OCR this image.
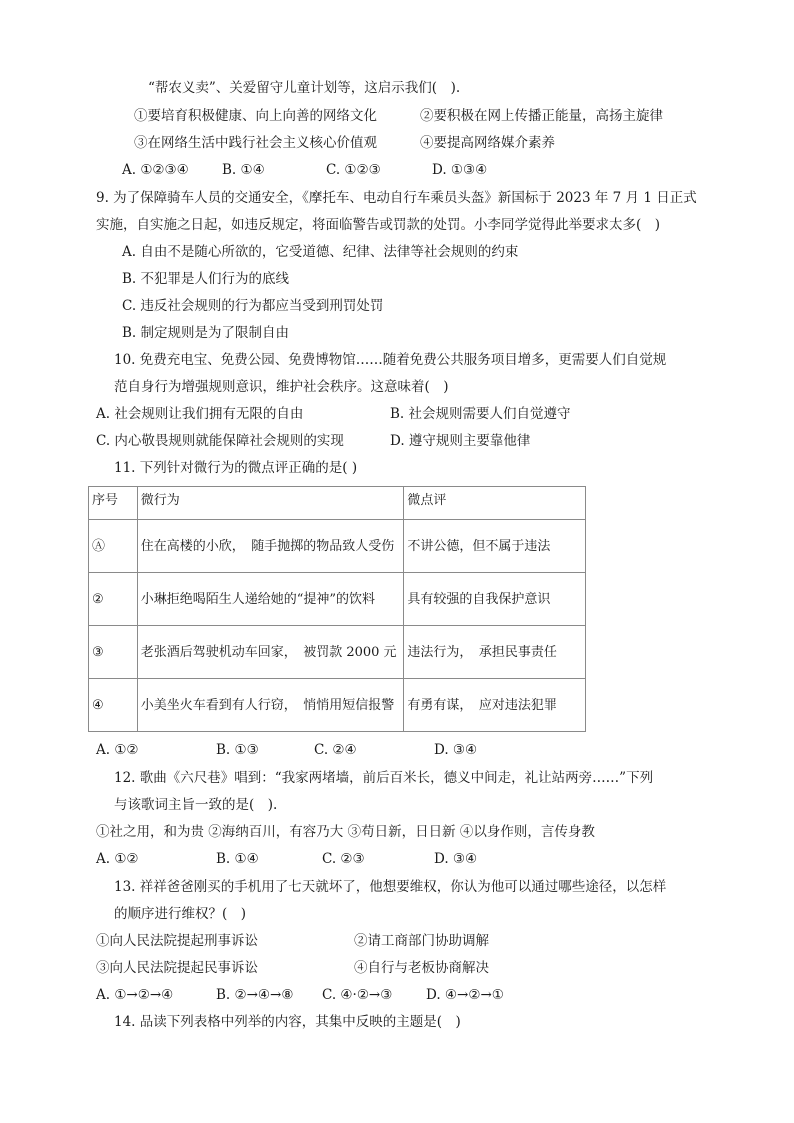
“帮农义卖”、关爱留守儿童计划等，这启示我们(　).
①要培育积极健康、向上向善的网络文化	②要积极在网上传播正能量，高扬主旋律
③在网络生活中践行社会主义核心价值观	④要提高网络媒介素养
A. ①②③④ B. ①④	C. ①②③	D. ①③④
9. 为了保障骑车人员的交通安全，《摩托车、电动自行车乘员头盔》新国标于 2023 年 7 月 1 日正式
实施，自实施之日起，如违反规定，将面临警告或罚款的处罚。小李同学觉得此举要求太多(　)
A. 自由不是随心所欲的，它受道德、纪律、法律等社会规则的约束
B. 不犯罪是人们行为的底线
C. 违反社会规则的行为都应当受到刑罚处罚
B. 制定规则是为了限制自由
10. 免费充电宝、免费公园、免费博物馆……随着免费公共服务项目增多，更需要人们自觉规
范自身行为增强规则意识，维护社会秩序。这意味着(　)
A. 社会规则让我们拥有无限的自由	B. 社会规则需要人们自觉遵守
C. 内心敬畏规则就能保障社会规则的实现	D. 遵守规则主要靠他律
11. 下列针对微行为的微点评正确的是( )
序号	微行为	微点评
Ⓐ	住在高楼的小欣，　随手抛掷的物品致人受伤	不讲公德，但不属于违法
②	小琳拒绝喝陌生人递给她的“提神”的饮料	具有较强的自我保护意识
③	老张酒后驾驶机动车回家，　被罚款 2000 元	违法行为，　承担民事责任
④	小美坐火车看到有人行窃，　悄悄用短信报警	有勇有谋，　应对违法犯罪
A. ①②	B. ①③	C. ②④	D. ③④
12. 歌曲《六尺巷》唱到：“我家两堵墙，前后百米长，德义中间走，礼让站两旁……”下列
与该歌词主旨一致的是(　).
①社之用，和为贵 ②海纳百川，有容乃大 ③苟日新，日日新 ④以身作则，言传身教
A. ①②	B. ①④	C. ②③	D. ③④
13. 祥祥爸爸刚买的手机用了七天就坏了，他想要维权，你认为他可以通过哪些途径，以怎样
的顺序进行维权？(　)
①向人民法院提起刑事诉讼	②请工商部门协助调解
③向人民法院提起民事诉讼	④自行与老板协商解决
A. ①→②→④	B. ②→④→⑧ C. ④·②→③ D. ④→②→①
14. 品读下列表格中列举的内容，其集中反映的主题是(　)
